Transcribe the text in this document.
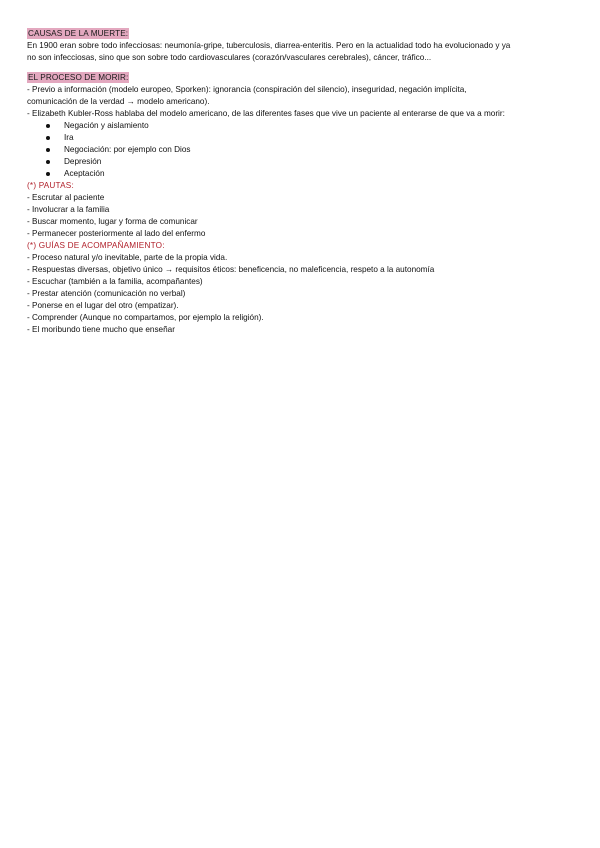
CAUSAS DE LA MUERTE:

En 1900 eran sobre todo infecciosas: neumonía-gripe, tuberculosis, diarrea-enteritis. Pero en la actualidad todo ha evolucionado y ya
no son infecciosas, sino que son sobre todo cardiovasculares (corazón/vasculares cerebrales), cáncer, tráfico...

EL PROCESO DE MORIR:
- Previo a información (modelo europeo, Sporken): ignorancia (conspiración del silencio), inseguridad, negación implícita,
comunicación de la verdad → modelo americano).
- Elizabeth Kubler-Ross hablaba del modelo americano, de las diferentes fases que vive un paciente al enterarse de que va a morir:
Negación y aislamiento
Ira
Negociación: por ejemplo con Dios
Depresión
Aceptación
(*) PAUTAS:
- Escrutar al paciente
- Involucrar a la familia
- Buscar momento, lugar y forma de comunicar
- Permanecer posteriormente al lado del enfermo
(*) GUÍAS DE ACOMPAÑAMIENTO:
- Proceso natural y/o inevitable, parte de la propia vida.
- Respuestas diversas, objetivo único → requisitos éticos: beneficencia, no maleficencia, respeto a la autonomía
- Escuchar (también a la familia, acompañantes)
- Prestar atención (comunicación no verbal)
- Ponerse en el lugar del otro (empatizar).
- Comprender (Aunque no compartamos, por ejemplo la religión).
- El moribundo tiene mucho que enseñar
